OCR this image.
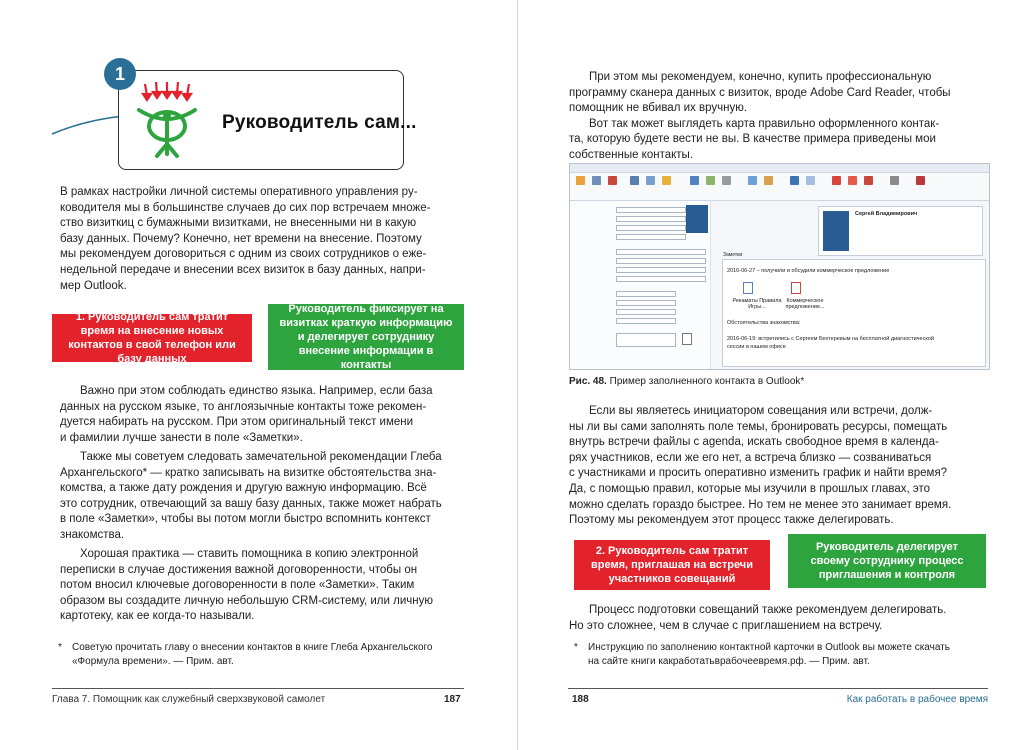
1
Руководитель сам...

В рамках настройки личной системы оперативного управления ру-

ководителя мы в большинстве случаев до сих пор встречаем множе-

ство визиткиц с бумажными визитками, не внесенными ни в какую

базу данных. Почему? Конечно, нет времени на внесение. Поэтому

мы рекомендуем договориться с одним из своих сотрудников о еже-

недельной передаче и внесении всех визиток в базу данных, напри-

мер Outlook.

1. Руководитель сам тратит время на внесение новых контактов в свой телефон или базу данных
Руководитель фиксирует на визитках краткую информацию и делегирует сотруднику внесение информации в контакты

Важно при этом соблюдать единство языка. Например, если база

данных на русском языке, то англоязычные контакты тоже рекомен-

дуется набирать на русском. При этом оригинальный текст имени

и фамилии лучше занести в поле «Заметки».

Также мы советуем следовать замечательной рекомендации Глеба

Архангельского* — кратко записывать на визитке обстоятельства зна-

комства, а также дату рождения и другую важную информацию. Всё

это сотрудник, отвечающий за вашу базу данных, также может набрать

в поле «Заметки», чтобы вы потом могли быстро вспомнить контекст

знакомства.

Хорошая практика — ставить помощника в копию электронной

переписки в случае достижения важной договоренности, чтобы он

потом вносил ключевые договоренности в поле «Заметки». Таким

образом вы создадите личную небольшую CRM-систему, или личную

картотеку, как ее когда-то называли.

* Советую прочитать главу о внесении контактов в книге Глеба Архангельского
«Формула времени». — Прим. авт.
Глава 7. Помощник как служебный сверхзвуковой самолет	187

При этом мы рекомендуем, конечно, купить профессиональную

программу сканера данных с визиток, вроде Adobe Card Reader, чтобы

помощник не вбивал их вручную.

Вот так может выглядеть карта правильно оформленного контак-

та, которую будете вести не вы. В качестве примера приведены мои

собственные контакты.

Сергей Владимирович
Заметки
2016-06-27 – получили и обсудили коммерческое предложение
Рекаматы Правила Игры...
Коммерческое предложение...
Обстоятельства знакомства:
2016-06-19: встретились с Сергеем Бехтеревым на бесплатной диагностической
сессии в нашем офисе
Рис. 48. Пример заполненного контакта в Outlook*

Если вы являетесь инициатором совещания или встречи, долж-

ны ли вы сами заполнять поле темы, бронировать ресурсы, помещать

внутрь встречи файлы с agenda, искать свободное время в календа-

рях участников, если же его нет, а встреча близко — созваниваться

с участниками и просить оперативно изменить график и найти время?

Да, с помощью правил, которые мы изучили в прошлых главах, это

можно сделать гораздо быстрее. Но тем не менее это занимает время.

Поэтому мы рекомендуем этот процесс также делегировать.

2. Руководитель сам тратит время, приглашая на встречи участников совещаний
Руководитель делегирует своему сотруднику процесс приглашения и контроля

Процесс подготовки совещаний также рекомендуем делегировать.

Но это сложнее, чем в случае с приглашением на встречу.

* Инструкцию по заполнению контактной карточки в Outlook вы можете скачать
на сайте книги какработатьврабочеевремя.рф. — Прим. авт.
188	Как работать в рабочее время
